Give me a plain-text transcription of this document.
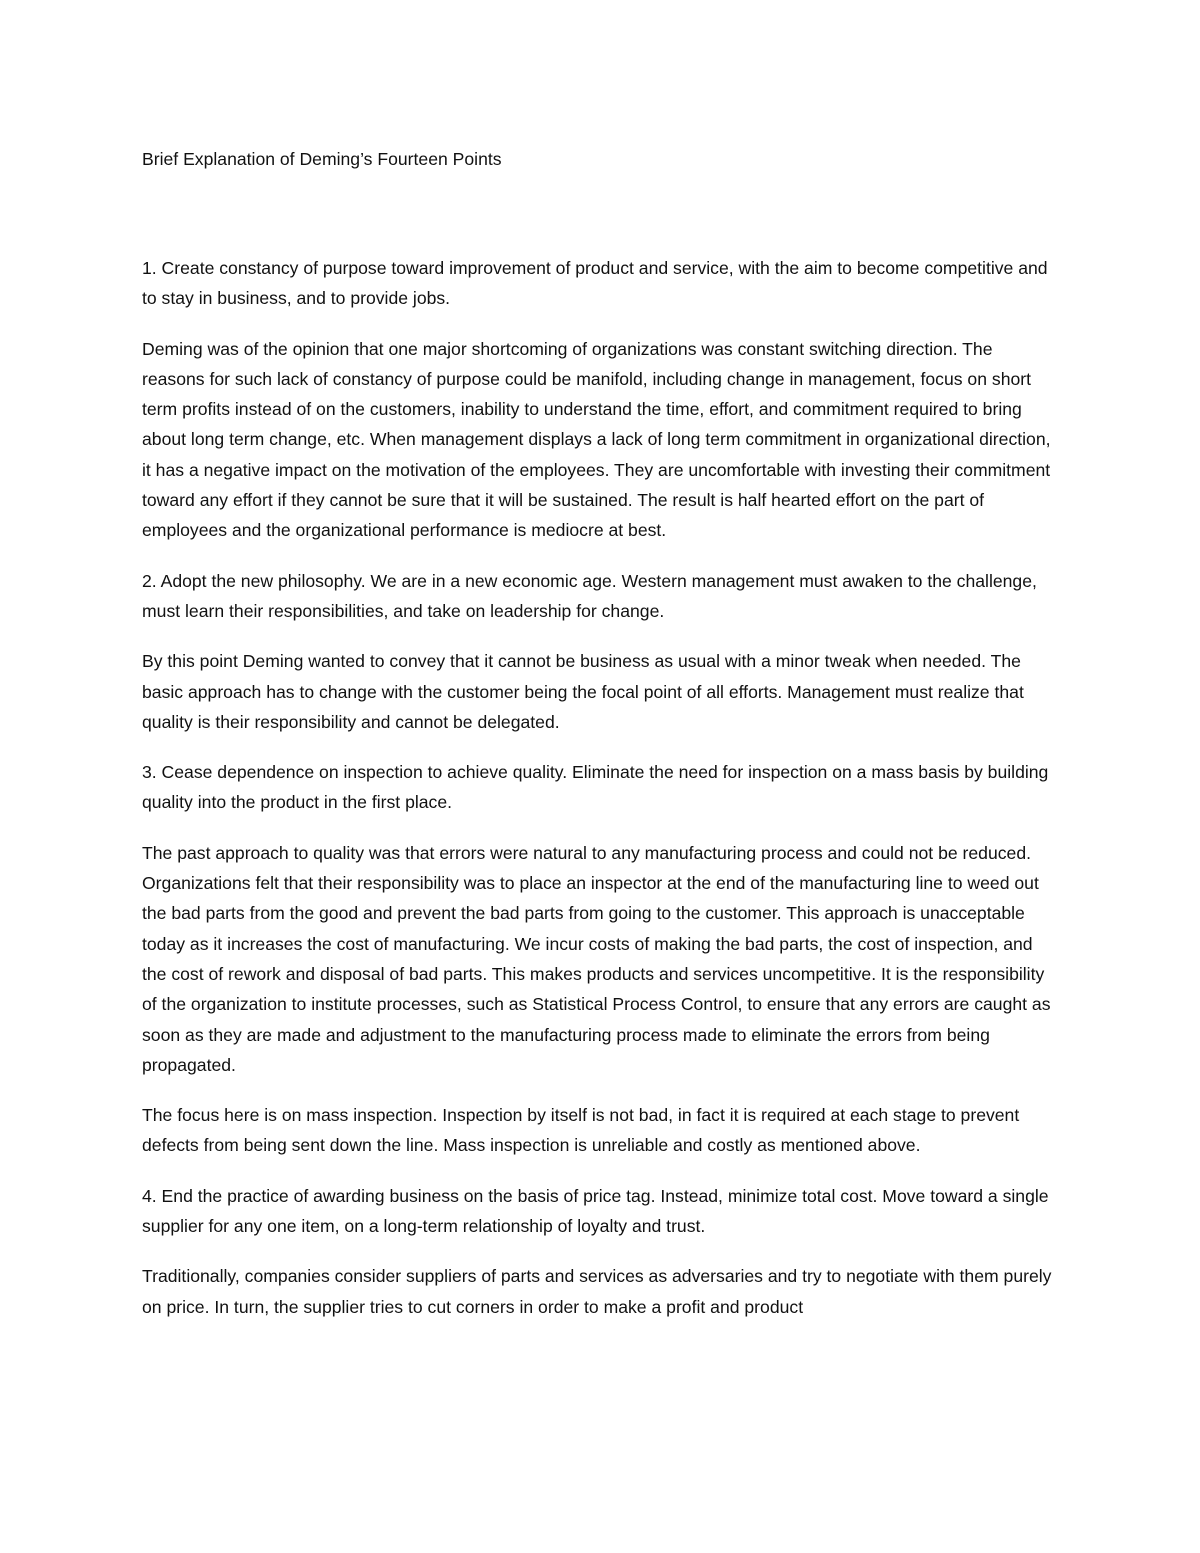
Brief Explanation of Deming’s Fourteen Points

1. Create constancy of purpose toward improvement of product and service, with the aim to become competitive and to stay in business, and to provide jobs.

Deming was of the opinion that one major shortcoming of organizations was constant switching direction. The reasons for such lack of constancy of purpose could be manifold, including change in management, focus on short term profits instead of on the customers, inability to understand the time, effort, and commitment required to bring about long term change, etc. When management displays a lack of long term commitment in organizational direction, it has a negative impact on the motivation of the employees. They are uncomfortable with investing their commitment toward any effort if they cannot be sure that it will be sustained. The result is half hearted effort on the part of employees and the organizational performance is mediocre at best.

2. Adopt the new philosophy. We are in a new economic age. Western management must awaken to the challenge, must learn their responsibilities, and take on leadership for change.

By this point Deming wanted to convey that it cannot be business as usual with a minor tweak when needed. The basic approach has to change with the customer being the focal point of all efforts. Management must realize that quality is their responsibility and cannot be delegated.

3. Cease dependence on inspection to achieve quality. Eliminate the need for inspection on a mass basis by building quality into the product in the first place.

The past approach to quality was that errors were natural to any manufacturing process and could not be reduced. Organizations felt that their responsibility was to place an inspector at the end of the manufacturing line to weed out the bad parts from the good and prevent the bad parts from going to the customer. This approach is unacceptable today as it increases the cost of manufacturing. We incur costs of making the bad parts, the cost of inspection, and the cost of rework and disposal of bad parts. This makes products and services uncompetitive. It is the responsibility of the organization to institute processes, such as Statistical Process Control, to ensure that any errors are caught as soon as they are made and adjustment to the manufacturing process made to eliminate the errors from being propagated.

The focus here is on mass inspection. Inspection by itself is not bad, in fact it is required at each stage to prevent defects from being sent down the line. Mass inspection is unreliable and costly as mentioned above.

4. End the practice of awarding business on the basis of price tag. Instead, minimize total cost. Move toward a single supplier for any one item, on a long-term relationship of loyalty and trust.

Traditionally, companies consider suppliers of parts and services as adversaries and try to negotiate with them purely on price. In turn, the supplier tries to cut corners in order to make a profit and product
